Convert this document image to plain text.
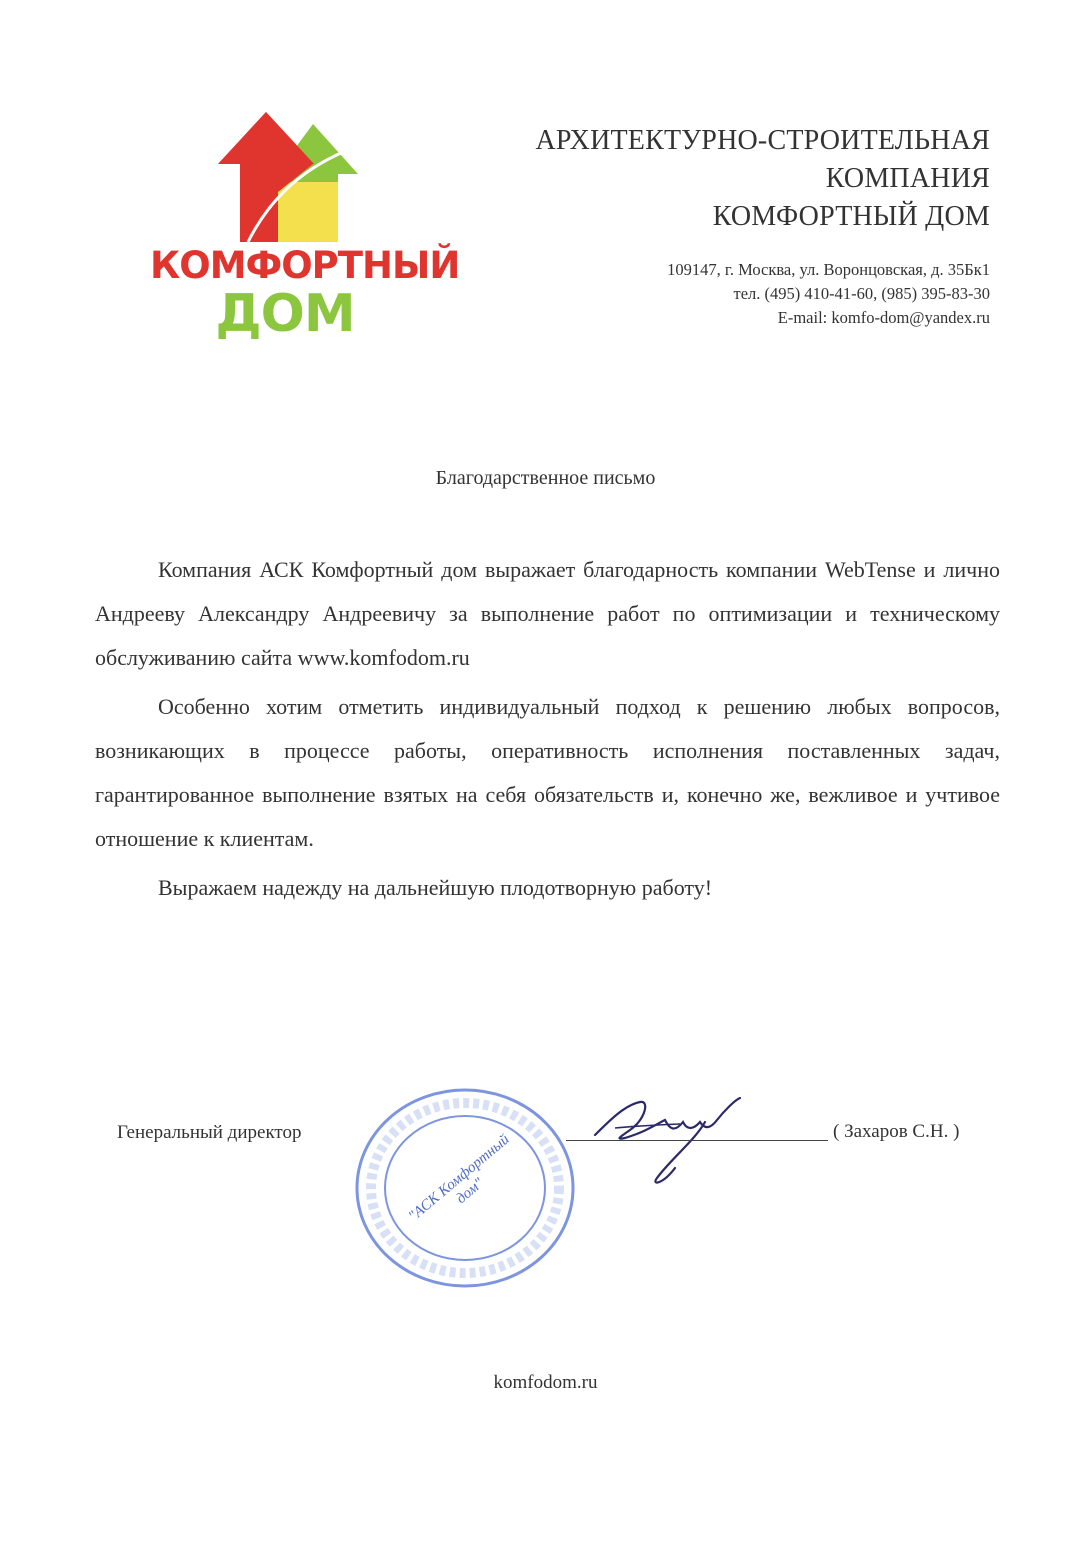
КОМФОРТНЫЙ
ДОМ
АРХИТЕКТУРНО-СТРОИТЕЛЬНАЯ
КОМПАНИЯ
КОМФОРТНЫЙ ДОМ
109147, г. Москва, ул. Воронцовская, д. 35Бк1
тел. (495) 410-41-60, (985) 395-83-30
E-mail: komfo-dom@yandex.ru
Благодарственное письмо

Компания АСК Комфортный дом выражает благодарность компании WebTense и лично Андрееву Александру Андреевичу за выполнение работ по оптимизации и техническому обслуживанию сайта www.komfodom.ru

Особенно хотим отметить индивидуальный подход к решению любых вопросов, возникающих в процессе работы, оперативность исполнения поставленных задач, гарантированное выполнение взятых на себя обязательств и, конечно же, вежливое и учтивое отношение к клиентам.

Выражаем надежду на дальнейшую плодотворную работу!

Генеральный директор	"АСК Комфортный дом"
( Захаров С.Н. )
komfodom.ru
